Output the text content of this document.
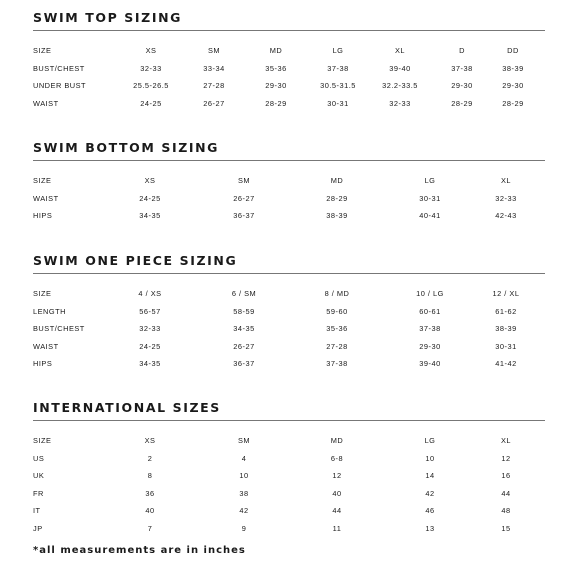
SWIM TOP SIZING
SIZE	XS	SM	MD	LG	XL	D	DD
BUST/CHEST	32-33	33-34	35-36	37-38	39-40	37-38	38-39
UNDER BUST	25.5-26.5	27-28	29-30	30.5-31.5	32.2-33.5	29-30	29-30
WAIST	24-25	26-27	28-29	30-31	32-33	28-29	28-29
SWIM BOTTOM SIZING
SIZE	XS	SM	MD	LG	XL
WAIST	24-25	26-27	28-29	30-31	32-33
HIPS	34-35	36-37	38-39	40-41	42-43
SWIM ONE PIECE SIZING
SIZE	4 / XS	6 / SM	8 / MD	10 / LG	12 / XL
LENGTH	56-57	58-59	59-60	60-61	61-62
BUST/CHEST	32-33	34-35	35-36	37-38	38-39
WAIST	24-25	26-27	27-28	29-30	30-31
HIPS	34-35	36-37	37-38	39-40	41-42
INTERNATIONAL SIZES
SIZE	XS	SM	MD	LG	XL
US	2	4	6-8	10	12
UK	8	10	12	14	16
FR	36	38	40	42	44
IT	40	42	44	46	48
JP	7	9	11	13	15
*all measurements are in inches
